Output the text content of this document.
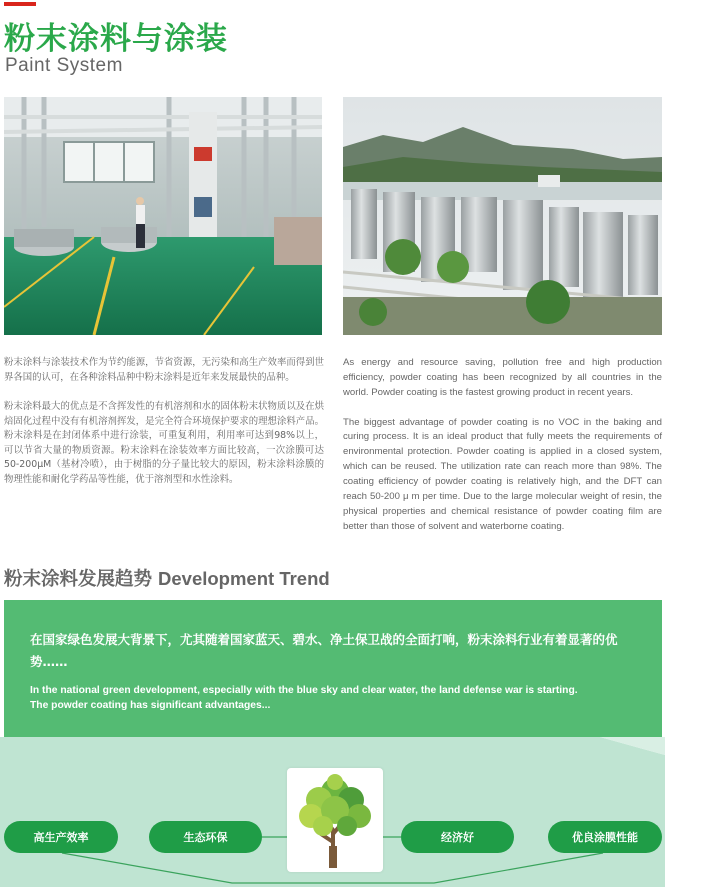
粉末涂料与涂装
Paint System

粉末涂料与涂装技术作为节约能源，节省资源，无污染和高生产效率而得到世界各国的认可，在各种涂料品种中粉末涂料是近年来发展最快的品种。

粉末涂料最大的优点是不含挥发性的有机溶剂和水的固体粉末状物质以及在烘焙固化过程中没有有机溶剂挥发，是完全符合环境保护要求的理想涂料产品。粉末涂料是在封闭体系中进行涂装，可重复利用，利用率可达到98%以上，可以节省大量的物质资源。粉末涂料在涂装效率方面比较高，一次涂膜可达50-200μM（基材冷喷），由于树脂的分子量比较大的原因，粉末涂料涂膜的物理性能和耐化学药品等性能，优于溶剂型和水性涂料。

As energy and resource saving, pollution free and high production efficiency, powder coating has been recognized by all countries in the world. Powder coating is the fastest growing product in recent years.

The biggest advantage of powder coating is no VOC in the baking and curing process. It is an ideal product that fully meets the requirements of environmental protection. Powder coating is applied in a closed system, which can be reused. The utilization rate can reach more than 98%. The coating efficiency of powder coating is relatively high, and the DFT can reach 50-200 μ m per time. Due to the large molecular weight of resin, the physical properties and chemical resistance of powder coating film are better than those of solvent and waterborne coating.

粉末涂料发展趋势 Development Trend
在国家绿色发展大背景下，尤其随着国家蓝天、碧水、净土保卫战的全面打响，粉末涂料行业有着显著的优势……
In the national green development, especially with the blue sky and clear water, the land defense war is starting.
The powder coating has significant advantages...
高生产效率	生态环保	经济好	优良涂膜性能
